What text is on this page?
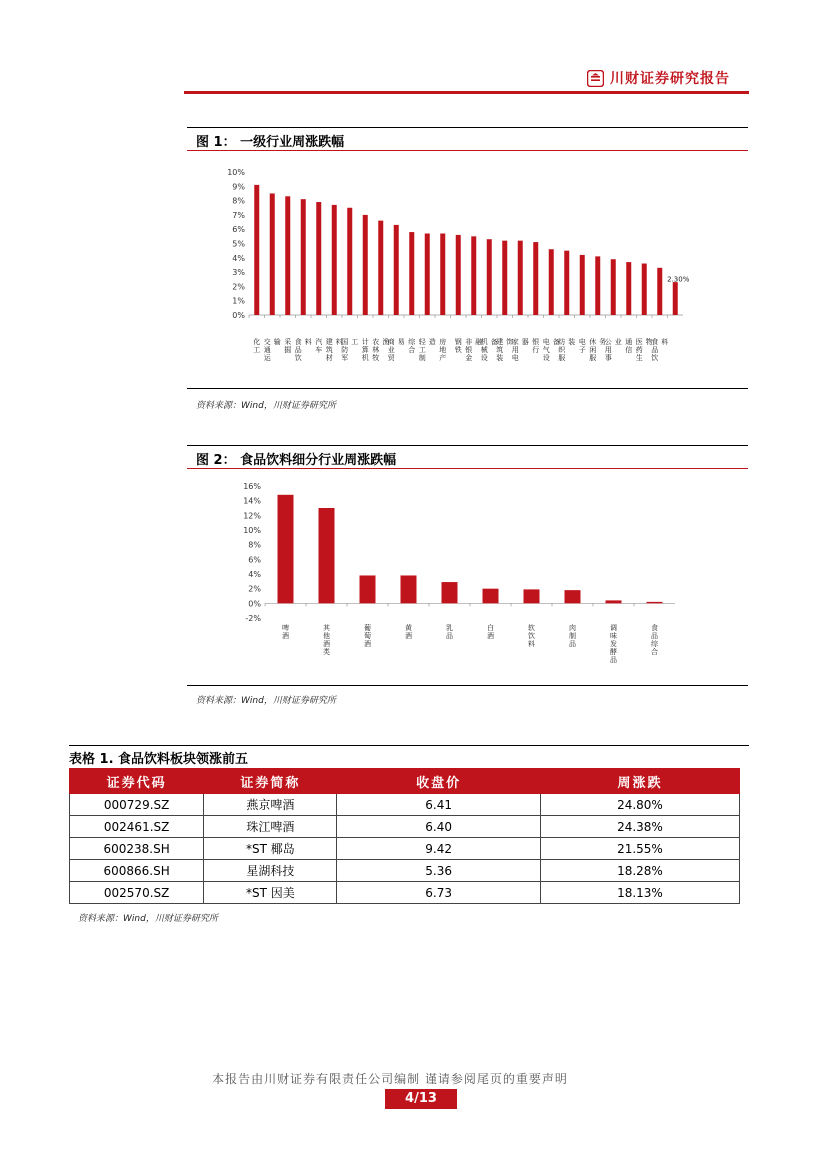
川财证券研究报告
图 1： 一级行业周涨跌幅
0%
1%
2%
3%
4%
5%
6%
7%
8%
9%
10%
化工
交通运输 采掘
食品饮料 汽车
建筑材料
国防军工 计算机
农林牧渔
商业贸易 综合
轻工制造 房地产
钢铁
非银金融
机械设备
建筑装饰
家用电器 银行
电气设备
纺织服装 电子
休闲服务
公用事业 通信
医药生物
食品饮料
2.30%
资料来源：Wind，川财证券研究所
图 2： 食品饮料细分行业周涨跌幅
-2%
0%
2%
4%
6%
8%
10%
12%
14%
16%
啤酒
其他酒类
葡萄酒
黄酒
乳品
白酒
软饮料
肉制品
调味发酵品
食品综合
资料来源：Wind，川财证券研究所
表格 1. 食品饮料板块领涨前五
证券代码	证券简称	收盘价	周涨跌
000729.SZ	燕京啤酒	6.41	24.80%
002461.SZ	珠江啤酒	6.40	24.38%
600238.SH	*ST 椰岛	9.42	21.55%
600866.SH	星湖科技	5.36	18.28%
002570.SZ	*ST 因美	6.73	18.13%
资料来源：Wind，川财证券研究所
本报告由川财证券有限责任公司编制 谨请参阅尾页的重要声明
4/13
